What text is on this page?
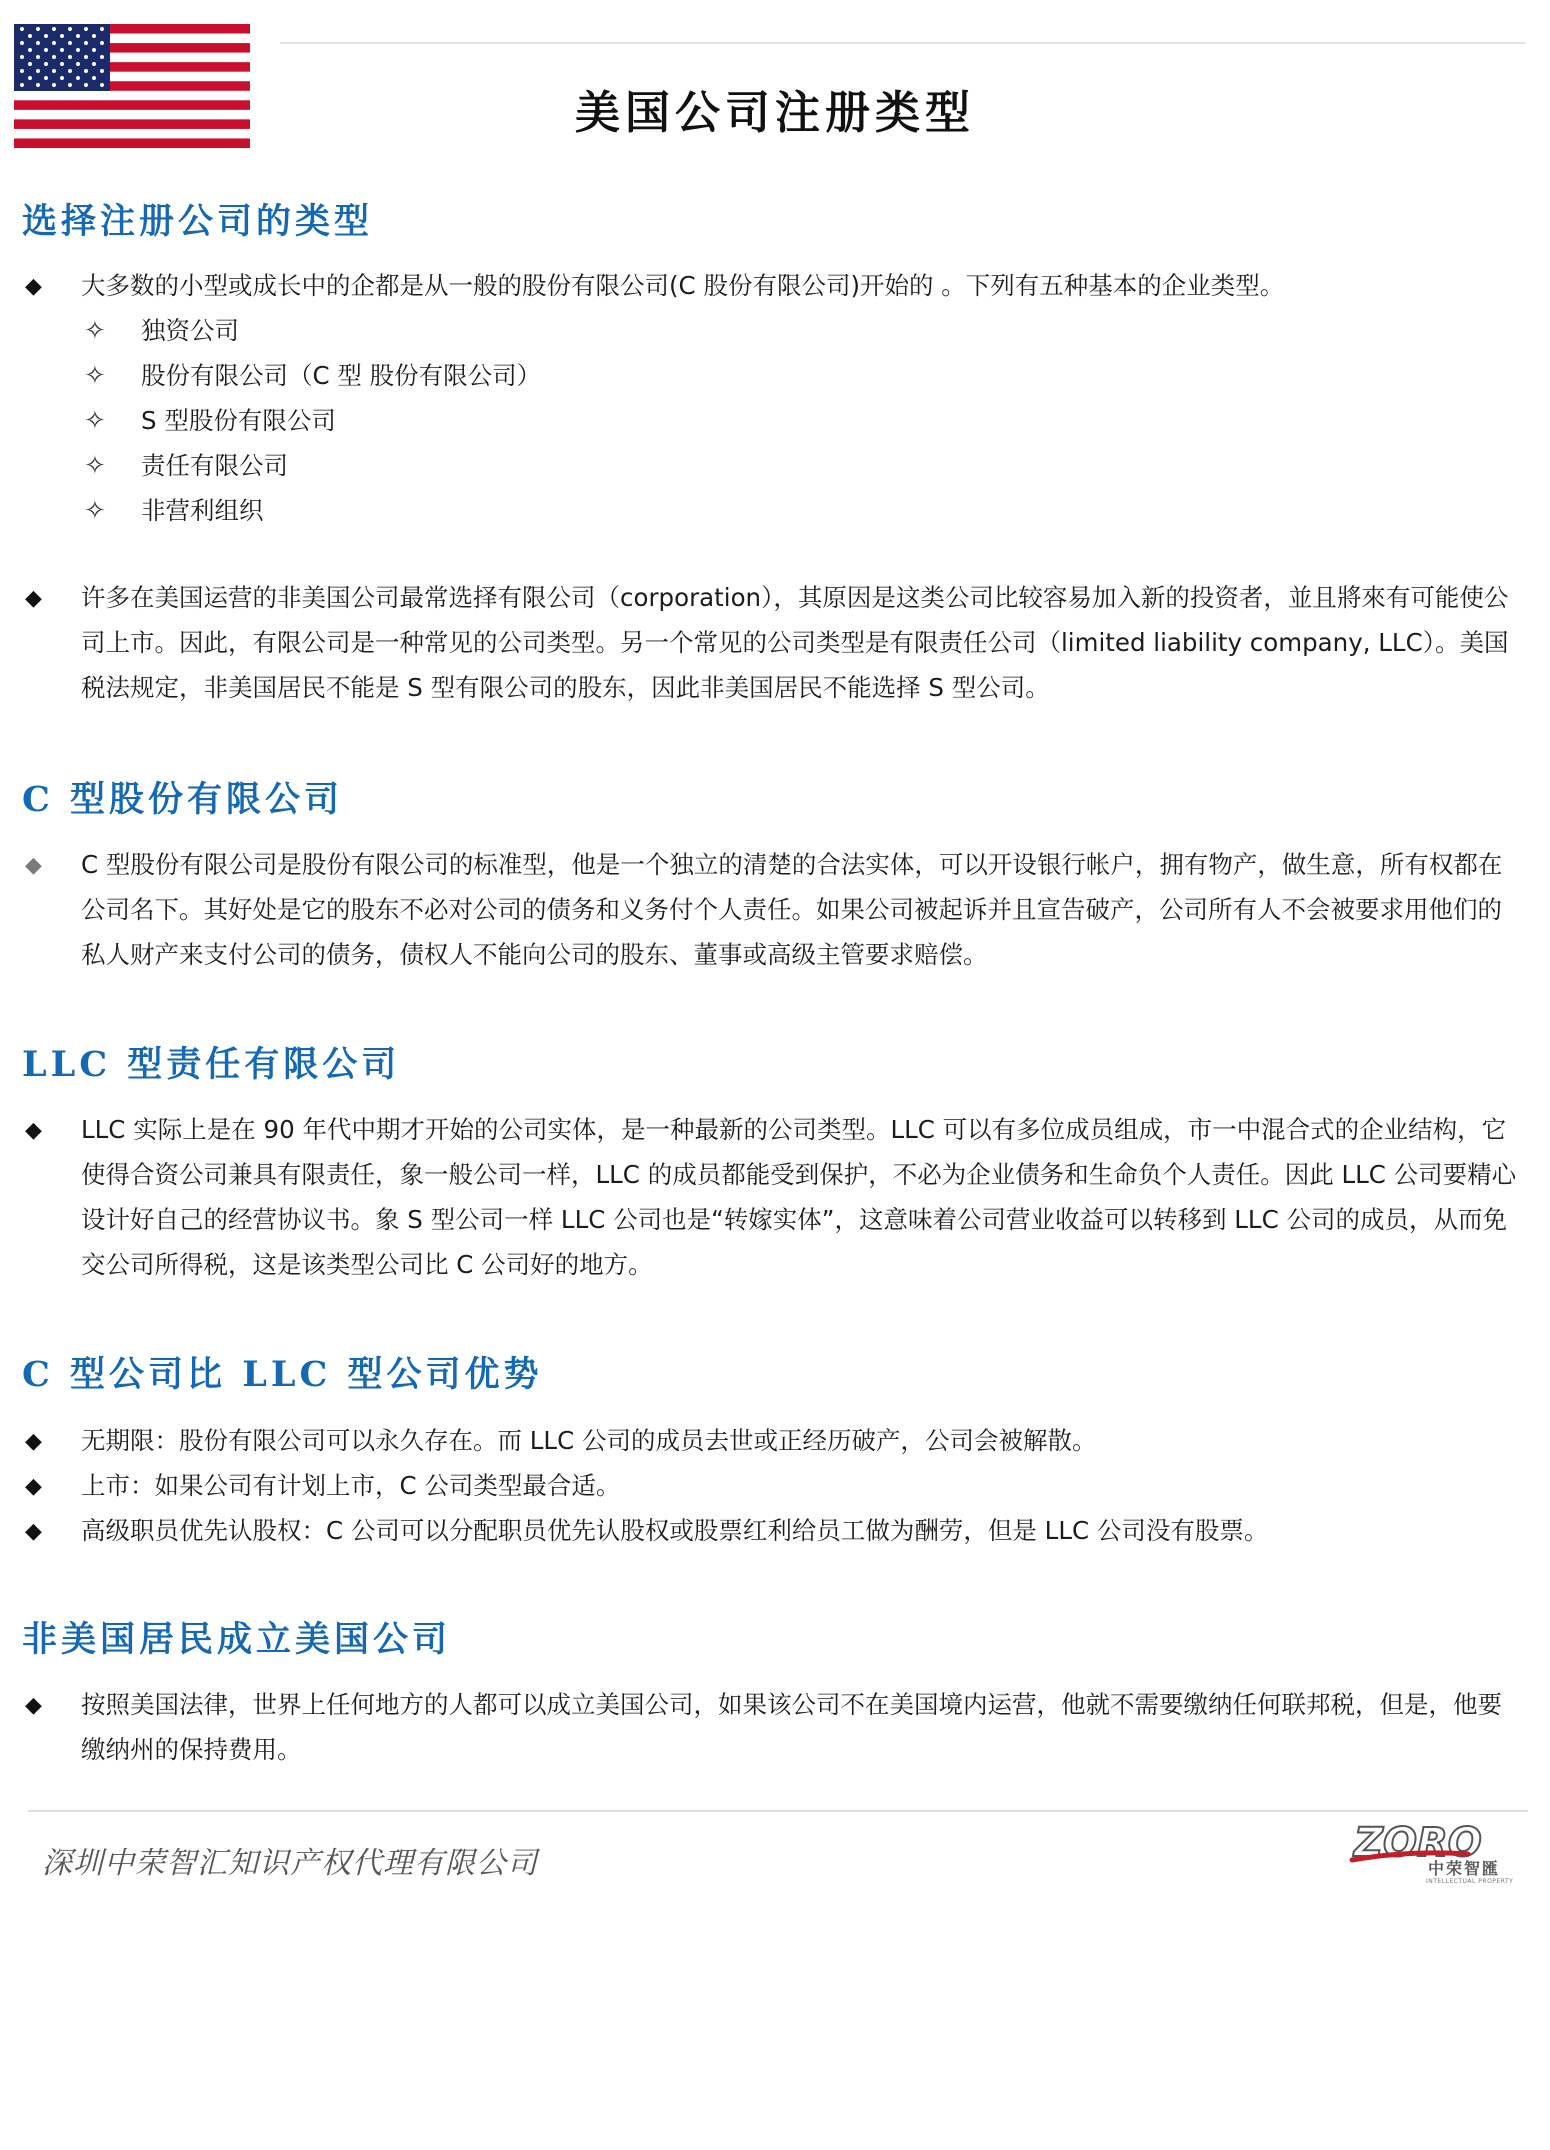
美国公司注册类型
选择注册公司的类型
◆ 大多数的小型或成长中的企都是从一般的股份有限公司(C 股份有限公司)开始的 。下列有五种基本的企业类型。

✧ 独资公司
✧ 股份有限公司（C 型 股份有限公司）
✧ S 型股份有限公司
✧ 责任有限公司
✧ 非营利组织
◆ 许多在美国运营的非美国公司最常选择有限公司（corporation），其原因是这类公司比较容易加入新的投资者，並且將來有可能使公司上市。因此，有限公司是一种常见的公司类型。另一个常见的公司类型是有限责任公司（limited liability company, LLC）。美国税法规定，非美国居民不能是 S 型有限公司的股东，因此非美国居民不能选择 S 型公司。

C 型股份有限公司
◆ C 型股份有限公司是股份有限公司的标准型，他是一个独立的清楚的合法实体，可以开设银行帐户，拥有物产，做生意，所有权都在公司名下。其好处是它的股东不必对公司的债务和义务付个人责任。如果公司被起诉并且宣告破产，公司所有人不会被要求用他们的私人财产来支付公司的债务，债权人不能向公司的股东、董事或高级主管要求赔偿。

LLC 型责任有限公司
◆ LLC 实际上是在 90 年代中期才开始的公司实体，是一种最新的公司类型。LLC 可以有多位成员组成，市一中混合式的企业结构，它使得合资公司兼具有限责任，象一般公司一样，LLC 的成员都能受到保护，不必为企业债务和生命负个人责任。因此 LLC 公司要精心设计好自己的经营协议书。象 S 型公司一样 LLC 公司也是“转嫁实体”，这意味着公司营业收益可以转移到 LLC 公司的成员，从而免交公司所得税，这是该类型公司比 C 公司好的地方。

C 型公司比 LLC 型公司优势
◆ 无期限：股份有限公司可以永久存在。而 LLC 公司的成员去世或正经历破产，公司会被解散。

◆ 上市：如果公司有计划上市，C 公司类型最合适。

◆ 高级职员优先认股权：C 公司可以分配职员优先认股权或股票红利给员工做为酬劳，但是 LLC 公司没有股票。

非美国居民成立美国公司
◆ 按照美国法律，世界上任何地方的人都可以成立美国公司，如果该公司不在美国境内运营，他就不需要缴纳任何联邦税，但是，他要缴纳州的保持费用。

深圳中荣智汇知识产权代理有限公司	ZORO
中荣智匯
INTELLECTUAL PROPERTY
